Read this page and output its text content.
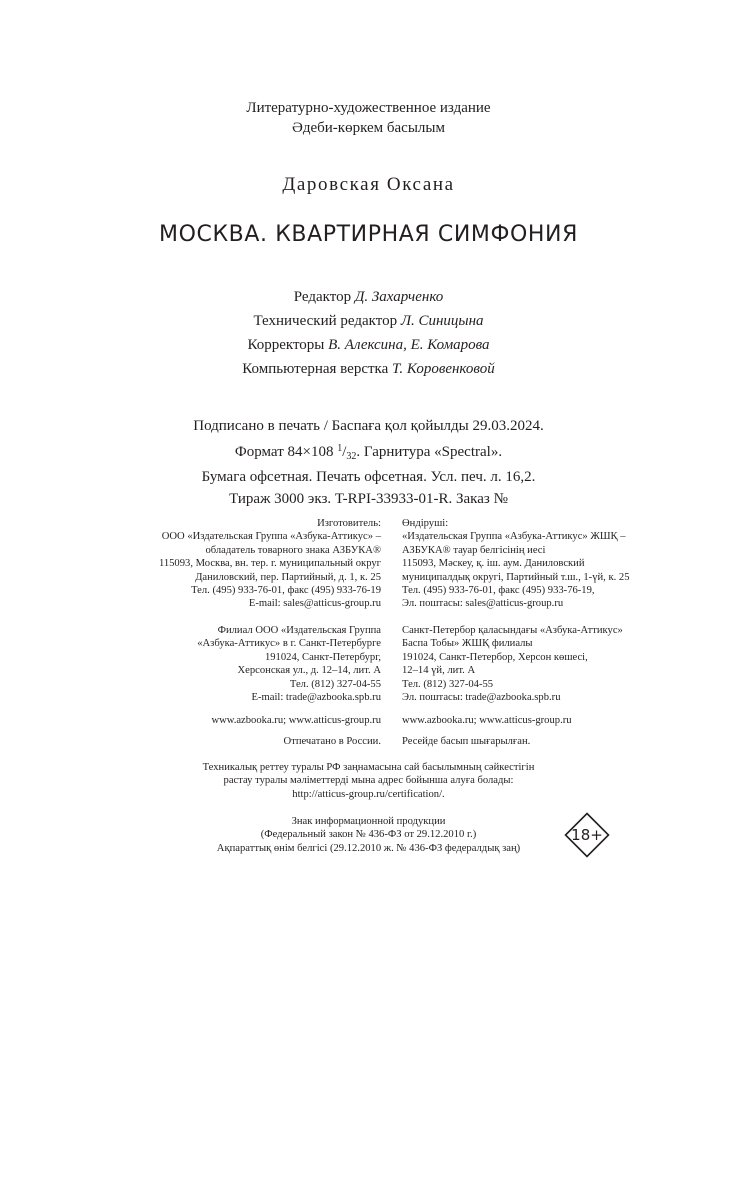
Литературно-художественное издание
Әдеби-көркем басылым
Даровская Оксана
МОСКВА. КВАРТИРНАЯ СИМФОНИЯ
Редактор Д. Захарченко
Технический редактор Л. Синицына
Корректоры В. Алексина, Е. Комарова
Компьютерная верстка Т. Коровенковой
Подписано в печать / Баспаға қол қойылды 29.03.2024.
Формат 84×108 $^1/_{32}$. Гарнитура «Spectral».
Бумага офсетная. Печать офсетная. Усл. печ. л. 16,2.
Тираж 3000 экз. T-RPI-33933-01-R. Заказ №
Изготовитель:
ООО «Издательская Группа «Азбука-Аттикус» –
обладатель товарного знака АЗБУКА®
115093, Москва, вн. тер. г. муниципальный округ
Даниловский, пер. Партийный, д. 1, к. 25
Тел. (495) 933-76-01, факс (495) 933-76-19
E-mail: sales@atticus-group.ru
Өндіруші:
«Издательская Группа «Азбука-Аттикус» ЖШҚ –
АЗБУКА® тауар белгісінің иесі
115093, Мәскеу, қ. іш. аум. Даниловский
муниципалдық округі, Партийный т.ш., 1-үй, к. 25
Тел. (495) 933-76-01, факс (495) 933-76-19,
Эл. поштасы: sales@atticus-group.ru
Филиал ООО «Издательская Группа
«Азбука-Аттикус» в г. Санкт-Петербурге
191024, Санкт-Петербург,
Херсонская ул., д. 12–14, лит. А
Тел. (812) 327-04-55
E-mail: trade@azbooka.spb.ru
Санкт-Петербор қаласындағы «Азбука-Аттикус»
Баспа Тобы» ЖШҚ филиалы
191024, Санкт-Петербор, Херсон көшесі,
12–14 үй, лит. А
Тел. (812) 327-04-55
Эл. поштасы: trade@azbooka.spb.ru
www.azbooka.ru; www.atticus-group.ru www.azbooka.ru; www.atticus-group.ru
Отпечатано в России. Ресейде басып шығарылған.
Техникалық реттеу туралы РФ заңнамасына сай басылымның сәйкестігін
растау туралы мәліметтерді мына адрес бойынша алуға болады:
http://atticus-group.ru/certification/.
Знак информационной продукции
(Федеральный закон № 436-ФЗ от 29.12.2010 г.)
Ақпараттық өнім белгісі (29.12.2010 ж. № 436-ФЗ федералдық заң)
18+
